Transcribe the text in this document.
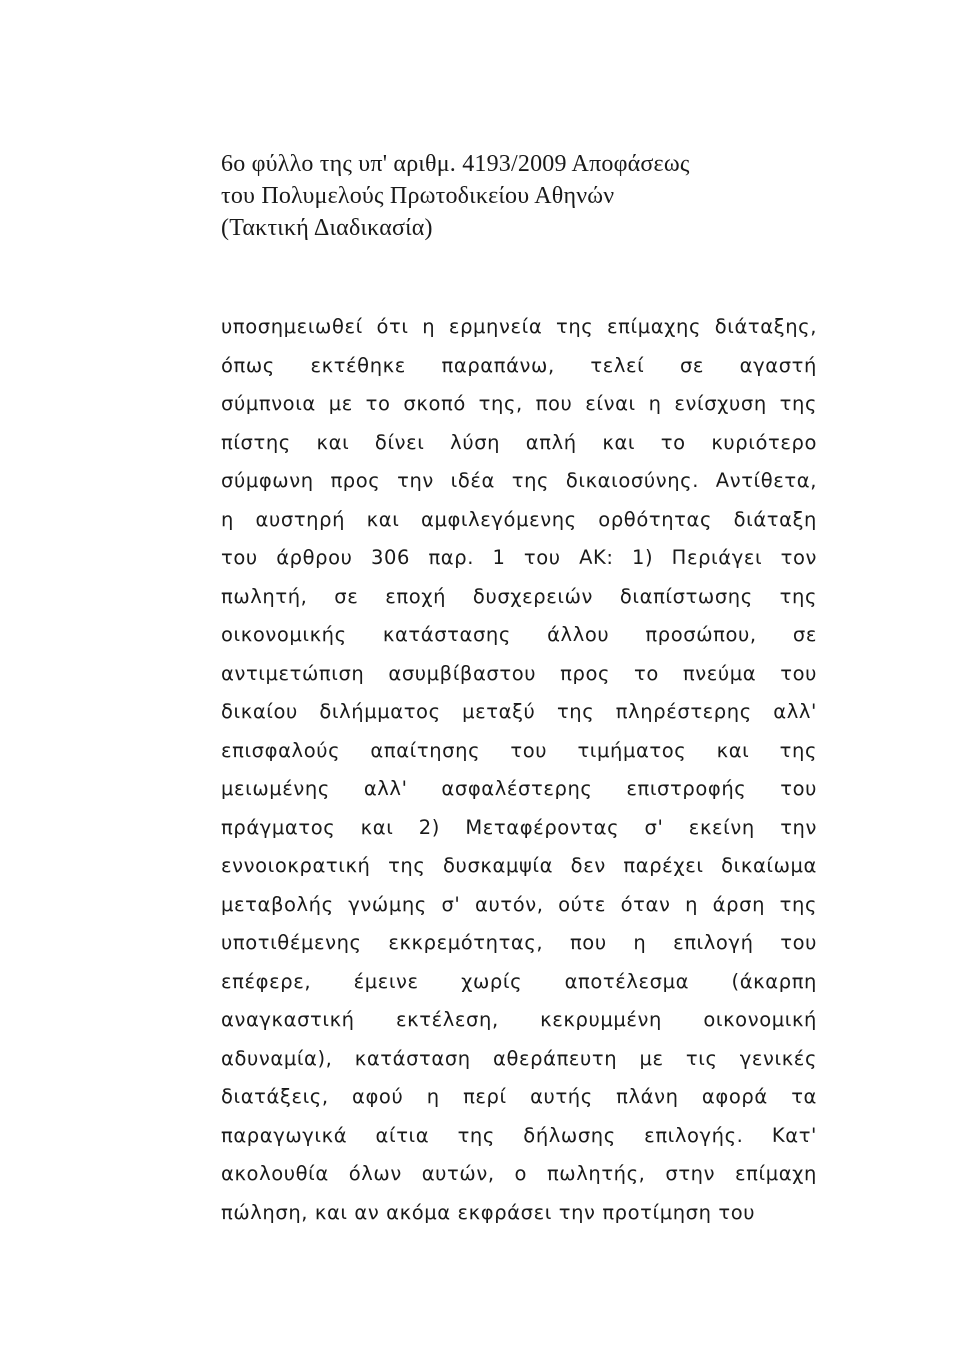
6ο φύλλο της υπ' αριθμ. 4193/2009 Αποφάσεως
του Πολυμελούς Πρωτοδικείου Αθηνών
(Τακτική Διαδικασία)
υποσημειωθεί ότι η ερμηνεία της επίμαχης διάταξης,
όπως εκτέθηκε παραπάνω, τελεί σε αγαστή
σύμπνοια με το σκοπό της, που είναι η ενίσχυση της
πίστης και δίνει λύση απλή και το κυριότερο
σύμφωνη προς την ιδέα της δικαιοσύνης. Αντίθετα,
η αυστηρή και αμφιλεγόμενης ορθότητας διάταξη
του άρθρου 306 παρ. 1 του ΑΚ: 1) Περιάγει τον
πωλητή, σε εποχή δυσχερειών διαπίστωσης της
οικονομικής κατάστασης άλλου προσώπου, σε
αντιμετώπιση ασυμβίβαστου προς το πνεύμα του
δικαίου διλήμματος μεταξύ της πληρέστερης αλλ'
επισφαλούς απαίτησης του τιμήματος και της
μειωμένης αλλ' ασφαλέστερης επιστροφής του
πράγματος και 2) Μεταφέροντας σ' εκείνη την
εννοιοκρατική της δυσκαμψία δεν παρέχει δικαίωμα
μεταβολής γνώμης σ' αυτόν, ούτε όταν η άρση της
υποτιθέμενης εκκρεμότητας, που η επιλογή του
επέφερε, έμεινε χωρίς αποτέλεσμα (άκαρπη
αναγκαστική εκτέλεση, κεκρυμμένη οικονομική
αδυναμία), κατάσταση αθεράπευτη με τις γενικές
διατάξεις, αφού η περί αυτής πλάνη αφορά τα
παραγωγικά αίτια της δήλωσης επιλογής. Κατ'
ακολουθία όλων αυτών, ο πωλητής, στην επίμαχη
πώληση, και αν ακόμα εκφράσει την προτίμηση του
